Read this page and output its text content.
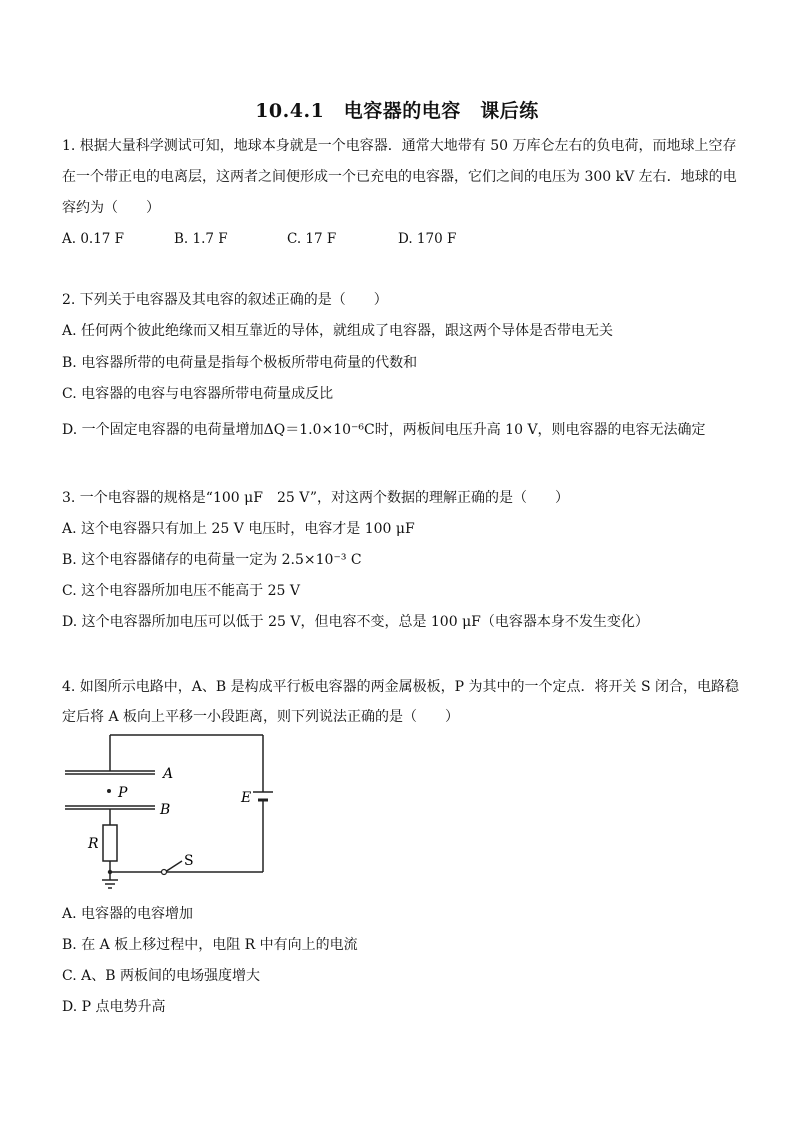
10.4.1　电容器的电容　课后练
1. 根据大量科学测试可知，地球本身就是一个电容器．通常大地带有 50 万库仑左右的负电荷，而地球上空存
在一个带正电的电离层，这两者之间便形成一个已充电的电容器，它们之间的电压为 300 kV 左右．地球的电
容约为（　　）
A. 0.17 F	B. 1.7 F	C. 17 F	D. 170 F
2. 下列关于电容器及其电容的叙述正确的是（　　）
A. 任何两个彼此绝缘而又相互靠近的导体，就组成了电容器，跟这两个导体是否带电无关
B. 电容器所带的电荷量是指每个极板所带电荷量的代数和
C. 电容器的电容与电容器所带电荷量成反比
D. 一个固定电容器的电荷量增加ΔQ＝1.0×10⁻⁶C时，两板间电压升高 10 V，则电容器的电容无法确定
3. 一个电容器的规格是“100 μF　25 V”，对这两个数据的理解正确的是（　　）
A. 这个电容器只有加上 25 V 电压时，电容才是 100 μF
B. 这个电容器储存的电荷量一定为 2.5×10⁻³ C
C. 这个电容器所加电压不能高于 25 V
D. 这个电容器所加电压可以低于 25 V，但电容不变，总是 100 μF（电容器本身不发生变化）
4. 如图所示电路中，A、B 是构成平行板电容器的两金属极板，P 为其中的一个定点．将开关 S 闭合，电路稳
定后将 A 板向上平移一小段距离，则下列说法正确的是（　　）
A
B
P	E
R
S
A. 电容器的电容增加
B. 在 A 板上移过程中，电阻 R 中有向上的电流
C. A、B 两板间的电场强度增大
D. P 点电势升高
